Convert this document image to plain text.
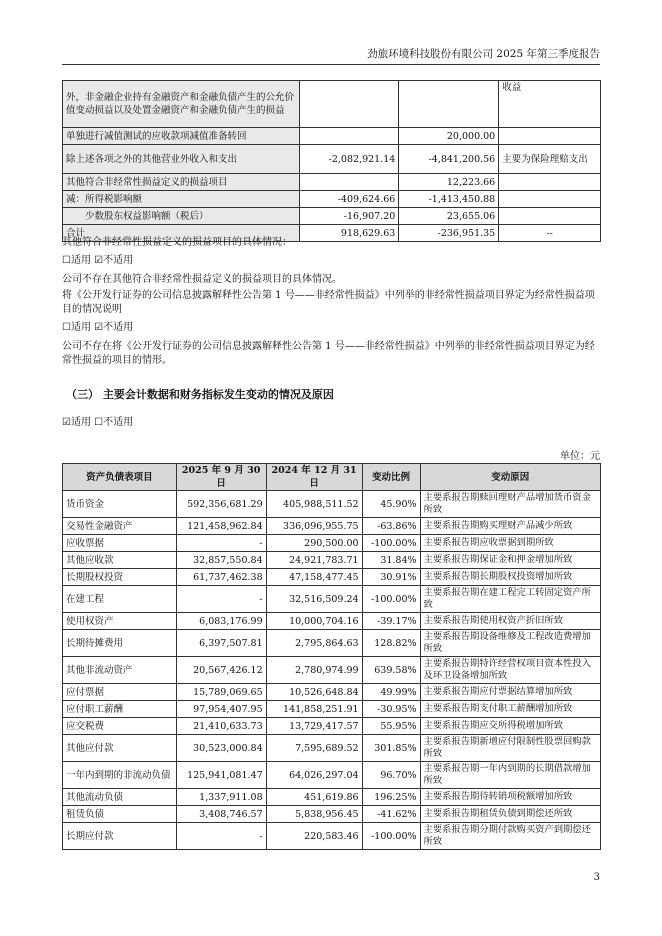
劲旅环境科技股份有限公司 2025 年第三季度报告
外，非金融企业持有金融资产和金融负债产生的公允价值变动损益以及处置金融资产和金融负债产生的损益			收益
单独进行减值测试的应收款项减值准备转回		20,000.00	
除上述各项之外的其他营业外收入和支出	-2,082,921.14	-4,841,200.56	主要为保险理赔支出
其他符合非经常性损益定义的损益项目		12,223.66	
减：所得税影响额	-409,624.66	-1,413,450.88	
少数股东权益影响额（税后）	-16,907.20	23,655.06	
合计	918,629.63	-236,951.35	--
其他符合非经常性损益定义的损益项目的具体情况：
☐适用 ☑不适用
公司不存在其他符合非经常性损益定义的损益项目的具体情况。
将《公开发行证券的公司信息披露解释性公告第 1 号——非经常性损益》中列举的非经常性损益项目界定为经常性损益项目的情况说明
☐适用 ☑不适用
公司不存在将《公开发行证券的公司信息披露解释性公告第 1 号——非经常性损益》中列举的非经常性损益项目界定为经常性损益的项目的情形。
（三） 主要会计数据和财务指标发生变动的情况及原因
☑适用 ☐不适用
单位：元
资产负债表项目	2025 年 9 月 30 日	2024 年 12 月 31 日	变动比例	变动原因
货币资金	592,356,681.29	405,988,511.52	45.90%	主要系报告期赎回理财产品增加货币资金所致
交易性金融资产	121,458,962.84	336,096,955.75	-63.86%	主要系报告期购买理财产品减少所致
应收票据	-	290,500.00	-100.00%	主要系报告期应收票据到期所致
其他应收款	32,857,550.84	24,921,783.71	31.84%	主要系报告期保证金和押金增加所致
长期股权投资	61,737,462.38	47,158,477.45	30.91%	主要系报告期长期股权投资增加所致
在建工程	-	32,516,509.24	-100.00%	主要系报告期在建工程完工转固定资产所致
使用权资产	6,083,176.99	10,000,704.16	-39.17%	主要系报告期使用权资产折旧所致
长期待摊费用	6,397,507.81	2,795,864.63	128.82%	主要系报告期设备维修及工程改造费增加所致
其他非流动资产	20,567,426.12	2,780,974.99	639.58%	主要系报告期特许经营权项目资本性投入及环卫设备增加所致
应付票据	15,789,069.65	10,526,648.84	49.99%	主要系报告期应付票据结算增加所致
应付职工薪酬	97,954,407.95	141,858,251.91	-30.95%	主要系报告期支付职工薪酬增加所致
应交税费	21,410,633.73	13,729,417.57	55.95%	主要系报告期应交所得税增加所致
其他应付款	30,523,000.84	7,595,689.52	301.85%	主要系报告期新增应付限制性股票回购款所致
一年内到期的非流动负债	125,941,081.47	64,026,297.04	96.70%	主要系报告期一年内到期的长期借款增加所致
其他流动负债	1,337,911.08	451,619.86	196.25%	主要系报告期待转销项税额增加所致
租赁负债	3,408,746.57	5,838,956.45	-41.62%	主要系报告期租赁负债到期偿还所致
长期应付款	-	220,583.46	-100.00%	主要系报告期分期付款购买资产到期偿还所致
3
